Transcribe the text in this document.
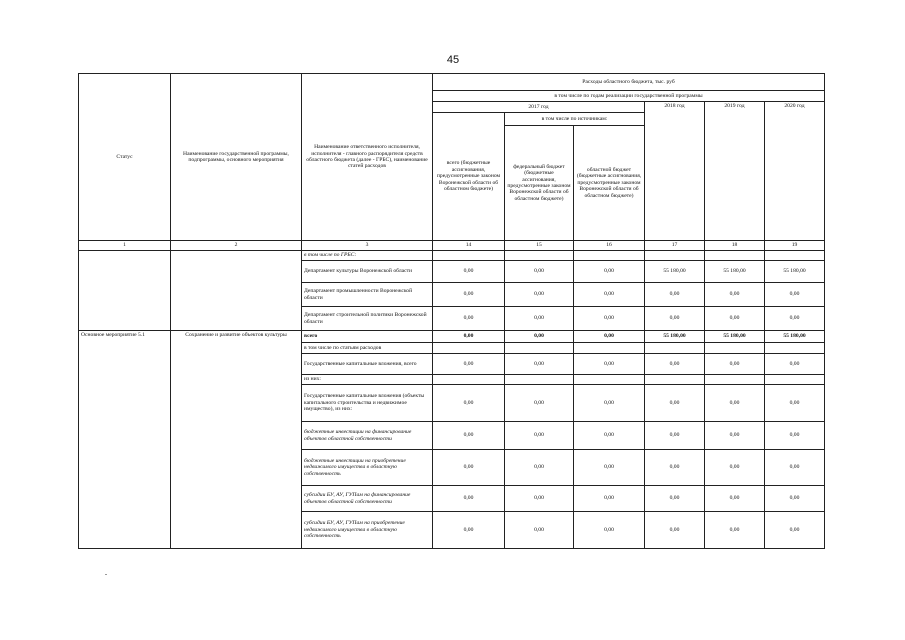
45
Статус	Наименование государственной программы, подпрограммы, основного мероприятия	Наименование ответственного исполнителя, исполнителя - главного распорядителя средств областного бюджета (далее - ГРБС), наименование статей расходов	Расходы областного бюджета, тыс. руб					
			в том числе по годам реализации государственной программы					
			2017 год			2018 год	2019 год	2020 год
			всего (бюджетные ассигнования, предусмотренные законом Воронежской области об областном бюджете)	в том числе по источникам:				
				федеральный бюджет (бюджетные ассигнования, предусмотренные законом Воронежской области об областном бюджете)	областной бюджет (бюджетные ассигнования, предусмотренные законом Воронежской области об областном бюджете)			
1	2	3	14	15	16	17	18	19
		в том числе по ГРБС:						
		Департамент культуры Воронежской области	0,00	0,00	0,00	55 180,00	55 180,00	55 180,00
		Департамент промышленности Воронежской области	0,00	0,00	0,00	0,00	0,00	0,00
		Департамент строительной политики Воронежской области	0,00	0,00	0,00	0,00	0,00	0,00
Основное мероприятие 5.1	Сохранение и развитие объектов культуры	всего	0,00	0,00	0,00	55 180,00	55 180,00	55 180,00
		в том числе по статьям расходов						
		Государственные капитальные вложения, всего	0,00	0,00	0,00	0,00	0,00	0,00
		из них:						
		Государственные капитальные вложения (объекты капитального строительства и недвижимое имущество), из них:	0,00	0,00	0,00	0,00	0,00	0,00
		бюджетные инвестиции на финансирование объектов областной собственности	0,00	0,00	0,00	0,00	0,00	0,00
		бюджетные инвестиции на приобретение недвижимого имущества в областную собственность	0,00	0,00	0,00	0,00	0,00	0,00
		субсидии БУ, АУ, ГУПам на финансирование объектов областной собственности	0,00	0,00	0,00	0,00	0,00	0,00
		субсидии БУ, АУ, ГУПам на приобретение недвижимого имущества в областную собственность	0,00	0,00	0,00	0,00	0,00	0,00
